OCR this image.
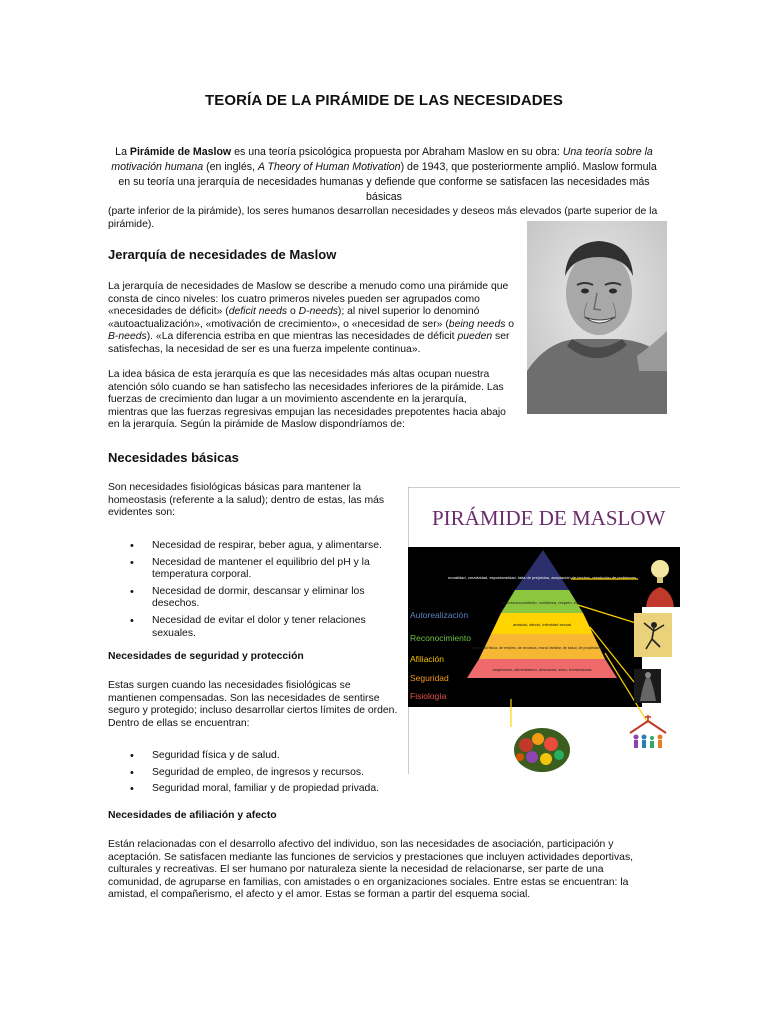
TEORÍA DE LA PIRÁMIDE DE LAS NECESIDADES
La Pirámide de Maslow es una teoría psicológica propuesta por Abraham Maslow en su obra: Una teoría sobre la motivación humana (en inglés, A Theory of Human Motivation) de 1943, que posteriormente amplió. Maslow formula en su teoría una jerarquía de necesidades humanas y defiende que conforme se satisfacen las necesidades más básicas
(parte inferior de la pirámide), los seres humanos desarrollan necesidades y deseos más elevados (parte superior de la pirámide).
Jerarquía de necesidades de Maslow
La jerarquía de necesidades de Maslow se describe a menudo como una pirámide que consta de cinco niveles: los cuatro primeros niveles pueden ser agrupados como «necesidades de déficit» (deficit needs o D-needs); al nivel superior lo denominó «autoactualización», «motivación de crecimiento», o «necesidad de ser» (being needs o B-needs). «La diferencia estriba en que mientras las necesidades de déficit pueden ser satisfechas, la necesidad de ser es una fuerza impelente continua».
La idea básica de esta jerarquía es que las necesidades más altas ocupan nuestra atención sólo cuando se han satisfecho las necesidades inferiores de la pirámide. Las fuerzas de crecimiento dan lugar a un movimiento ascendente en la jerarquía, mientras que las fuerzas regresivas empujan las necesidades prepotentes hacia abajo en la jerarquía. Según la pirámide de Maslow dispondríamos de:
Necesidades básicas
Son necesidades fisiológicas básicas para mantener la homeostasis (referente a la salud); dentro de estas, las más evidentes son:
• Necesidad de respirar, beber agua, y alimentarse.
• Necesidad de mantener el equilibrio del pH y la temperatura corporal.
• Necesidad de dormir, descansar y eliminar los desechos.
• Necesidad de evitar el dolor y tener relaciones sexuales.
Necesidades de seguridad y protección
Estas surgen cuando las necesidades fisiológicas se mantienen compensadas. Son las necesidades de sentirse seguro y protegido; incluso desarrollar ciertos límites de orden. Dentro de ellas se encuentran:
• Seguridad física y de salud.
• Seguridad de empleo, de ingresos y recursos.
• Seguridad moral, familiar y de propiedad privada.
Necesidades de afiliación y afecto
Están relacionadas con el desarrollo afectivo del individuo, son las necesidades de asociación, participación y aceptación. Se satisfacen mediante las funciones de servicios y prestaciones que incluyen actividades deportivas, culturales y recreativas. El ser humano por naturaleza siente la necesidad de relacionarse, ser parte de una comunidad, de agruparse en familias, con amistades o en organizaciones sociales. Entre estas se encuentran: la amistad, el compañerismo, el afecto y el amor. Estas se forman a partir del esquema social.
PIRÁMIDE DE MASLOW
moralidad, creatividad, espontaneidad, falta de prejuicios, aceptación de hechos, resolución de problemas
autoreconocimiento, confianza, respeto, éxito
amistad, afecto, intimidad sexual
seguridad física, de empleo, de recursos, moral, familiar, de salud, de propiedad privada
respiración, alimentación, descanso, sexo, homeostasis
Autorealización
Reconocimiento
Afiliación
Seguridad
Fisiología
